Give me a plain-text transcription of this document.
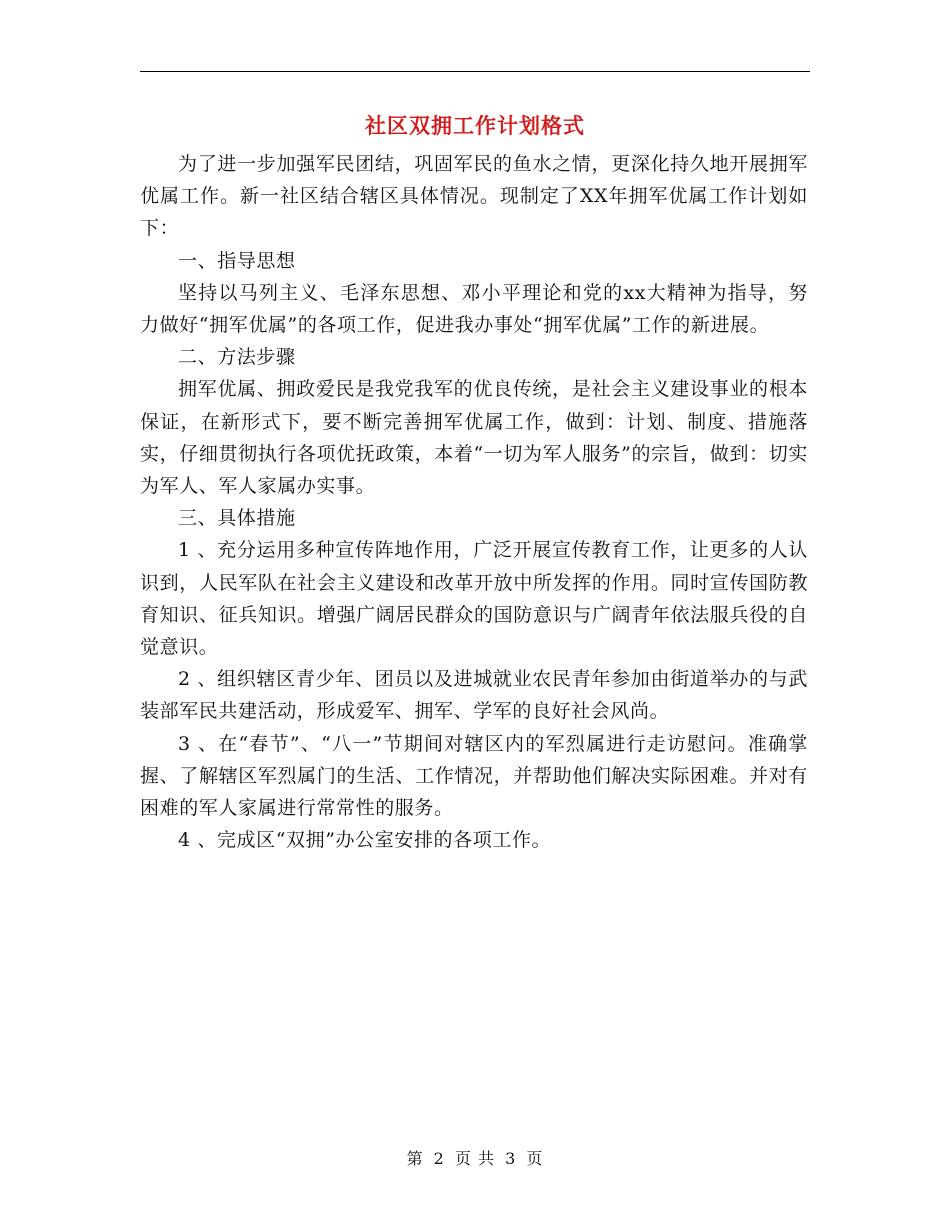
社区双拥工作计划格式

为了进一步加强军民团结，巩固军民的鱼水之情，更深化持久地开展拥军优属工作。新一社区结合辖区具体情况。现制定了XX年拥军优属工作计划如下：

一、指导思想

坚持以马列主义、毛泽东思想、邓小平理论和党的xx大精神为指导，努力做好“拥军优属”的各项工作，促进我办事处“拥军优属”工作的新进展。

二、方法步骤

拥军优属、拥政爱民是我党我军的优良传统，是社会主义建设事业的根本保证，在新形式下，要不断完善拥军优属工作，做到：计划、制度、措施落实，仔细贯彻执行各项优抚政策，本着“一切为军人服务”的宗旨，做到：切实为军人、军人家属办实事。

三、具体措施

1 、充分运用多种宣传阵地作用，广泛开展宣传教育工作，让更多的人认识到，人民军队在社会主义建设和改革开放中所发挥的作用。同时宣传国防教育知识、征兵知识。增强广阔居民群众的国防意识与广阔青年依法服兵役的自觉意识。

2 、组织辖区青少年、团员以及进城就业农民青年参加由街道举办的与武装部军民共建活动，形成爱军、拥军、学军的良好社会风尚。

3 、在“春节”、“八一”节期间对辖区内的军烈属进行走访慰问。准确掌握、了解辖区军烈属门的生活、工作情况，并帮助他们解决实际困难。并对有困难的军人家属进行常常性的服务。

4 、完成区“双拥”办公室安排的各项工作。

第 2 页 共 3 页
